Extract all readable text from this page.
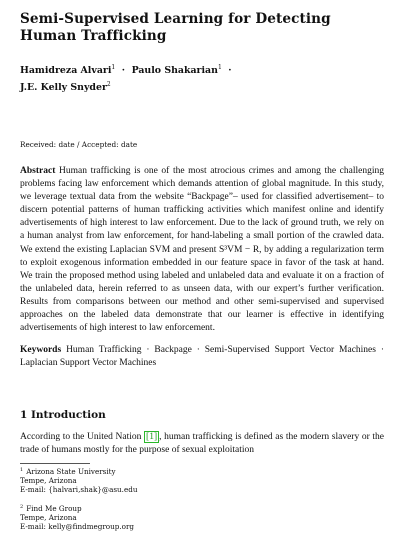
Semi-Supervised Learning for Detecting Human Trafficking
Hamidreza Alvari$^1$  ·  Paulo Shakarian$^1$  ·
J.E. Kelly Snyder$^2$
Received: date / Accepted: date
Abstract Human trafficking is one of the most atrocious crimes and among the challenging problems facing law enforcement which demands attention of global magnitude. In this study, we leverage textual data from the website “Backpage”– used for classified advertisement– to discern potential patterns of human trafficking activities which manifest online and identify advertisements of high interest to law enforcement. Due to the lack of ground truth, we rely on a human analyst from law enforcement, for hand-labeling a small portion of the crawled data. We extend the existing Laplacian SVM and present S³VM − R, by adding a regularization term to exploit exogenous information embedded in our feature space in favor of the task at hand. We train the proposed method using labeled and unlabeled data and evaluate it on a fraction of the unlabeled data, herein referred to as unseen data, with our expert’s further verification. Results from comparisons between our method and other semi-supervised and supervised approaches on the labeled data demonstrate that our learner is effective in identifying advertisements of high interest to law enforcement.
Keywords Human Trafficking · Backpage · Semi-Supervised Support Vector Machines · Laplacian Support Vector Machines
1 Introduction
According to the United Nation [1] , human trafficking is defined as the modern slavery or the trade of humans mostly for the purpose of sexual exploitation
$^1$ Arizona State University
Tempe, Arizona
E-mail: {halvari,shak}@asu.edu
$^2$ Find Me Group
Tempe, Arizona
E-mail: kelly@findmegroup.org
